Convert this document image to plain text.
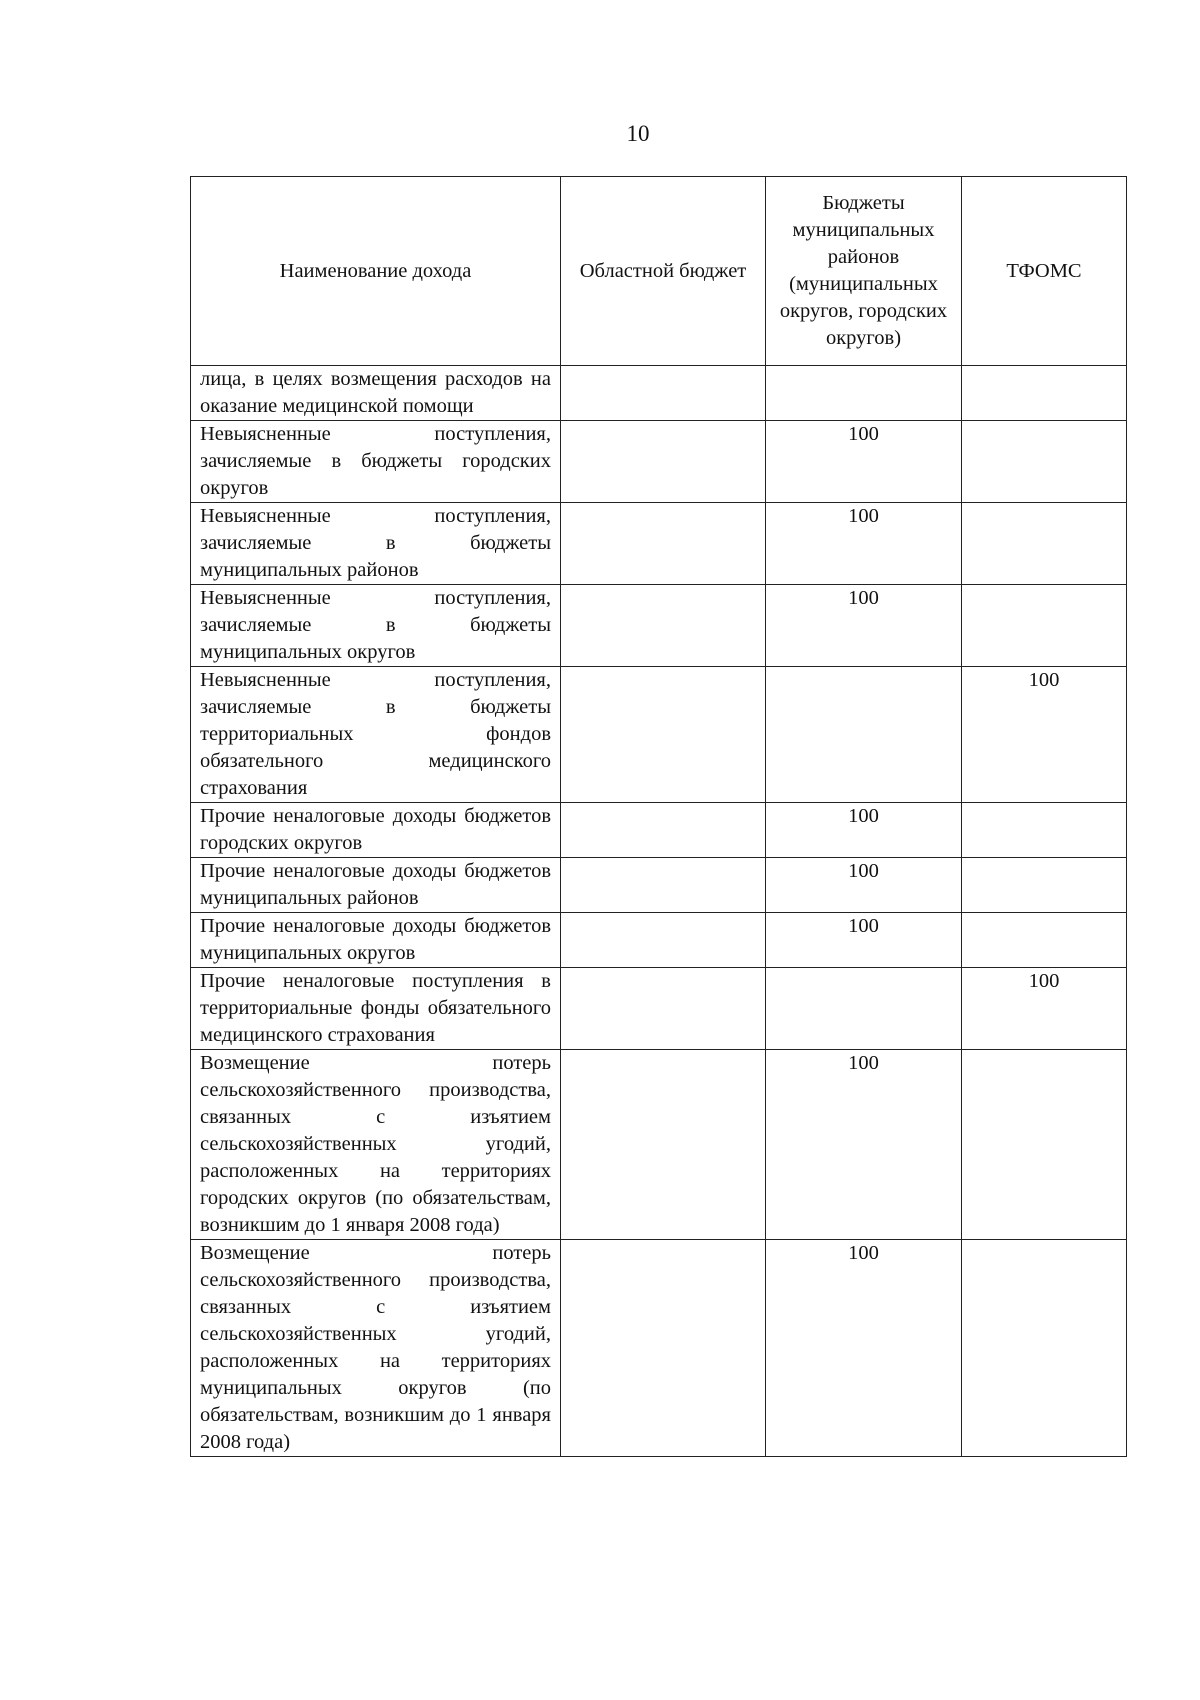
10
Наименование дохода	Областной бюджет	Бюджеты муниципальных районов (муниципальных округов, городских округов)	ТФОМС
лица, в целях возмещения расходов на оказание медицинской помощи			
Невыясненные поступления, зачисляемые в бюджеты городских округов		100	
Невыясненные поступления, зачисляемые в бюджеты муниципальных районов		100	
Невыясненные поступления, зачисляемые в бюджеты муниципальных округов		100	
Невыясненные поступления, зачисляемые в бюджеты территориальных фондов обязательного медицинского страхования			100
Прочие неналоговые доходы бюджетов городских округов		100	
Прочие неналоговые доходы бюджетов муниципальных районов		100	
Прочие неналоговые доходы бюджетов муниципальных округов		100	
Прочие неналоговые поступления в территориальные фонды обязательного медицинского страхования			100
Возмещение потерь сельскохозяйственного производства, связанных с изъятием сельскохозяйственных угодий, расположенных на территориях городских округов (по обязательствам, возникшим до 1 января 2008 года)		100	
Возмещение потерь сельскохозяйственного производства, связанных с изъятием сельскохозяйственных угодий, расположенных на территориях муниципальных округов (по обязательствам, возникшим до 1 января 2008 года)		100	
